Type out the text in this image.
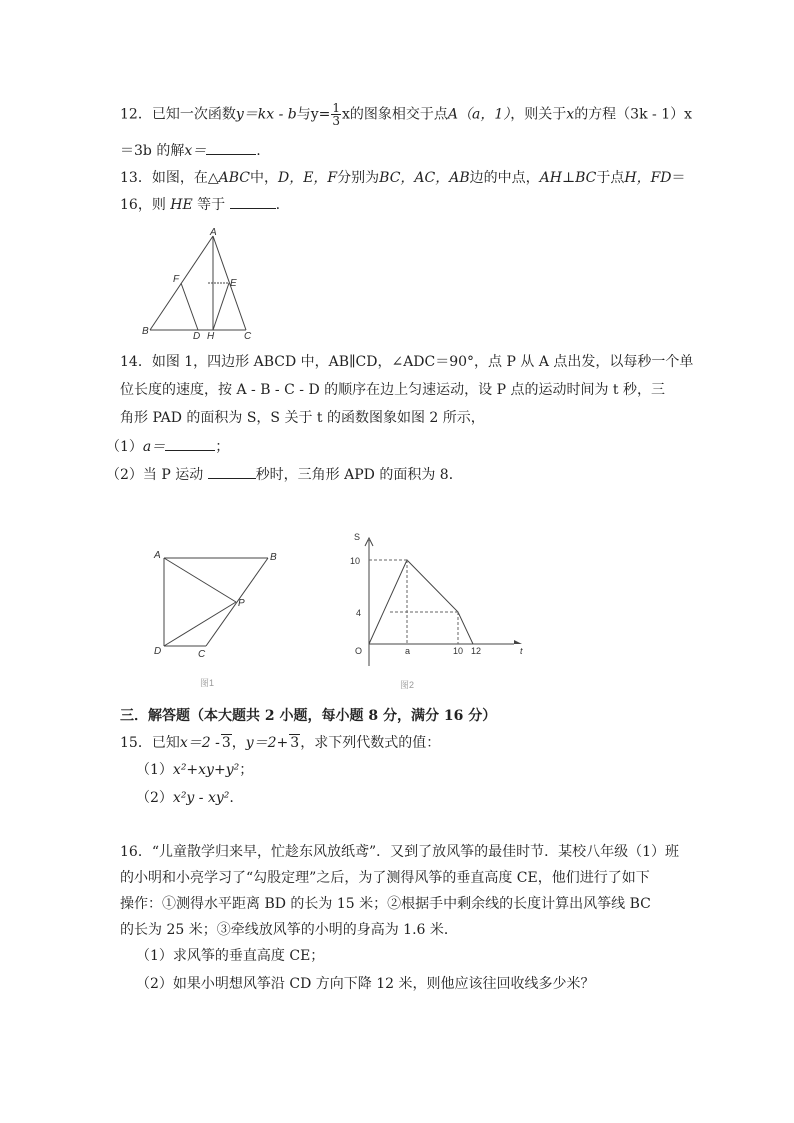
12．已知一次函数y＝kx - b与$y= \frac{1}{3}$ x的图象相交于点A（a，1），则关于x的方程（3k - 1）x
＝3b 的解x＝	.
13．如图，在△ABC中，D，E，F分别为BC，AC，AB边的中点，AH⊥BC于点H，FD＝
16，则 HE 等于	.
A
F	E
B	D H	C
14．如图 1，四边形 ABCD 中，AB∥CD，∠ADC＝90°，点 P 从 A 点出发，以每秒一个单
位长度的速度，按 A - B - C - D 的顺序在边上匀速运动，设 P 点的运动时间为 t 秒，三
角形 PAD 的面积为 S，S 关于 t 的函数图象如图 2 所示，
（1）a＝	；
（2）当 P 运动	秒时，三角形 APD 的面积为 8．
A	B
P
D	C
图1
S
10
4
O	a	10 12	t
图2
三．解答题（本大题共 2 小题，每小题 8 分，满分 16 分）
15．已知x＝2 - 3，y＝2+ 3，求下列代数式的值：
（1）x²+xy+y²；
（2）x²y - xy².
16．“儿童散学归来早，忙趁东风放纸鸢”．又到了放风筝的最佳时节．某校八年级（1）班
的小明和小亮学习了“勾股定理”之后，为了测得风筝的垂直高度 CE，他们进行了如下
操作：①测得水平距离 BD 的长为 15 米；②根据手中剩余线的长度计算出风筝线 BC
的长为 25 米；③牵线放风筝的小明的身高为 1.6 米．
（1）求风筝的垂直高度 CE；
（2）如果小明想风筝沿 CD 方向下降 12 米，则他应该往回收线多少米？
